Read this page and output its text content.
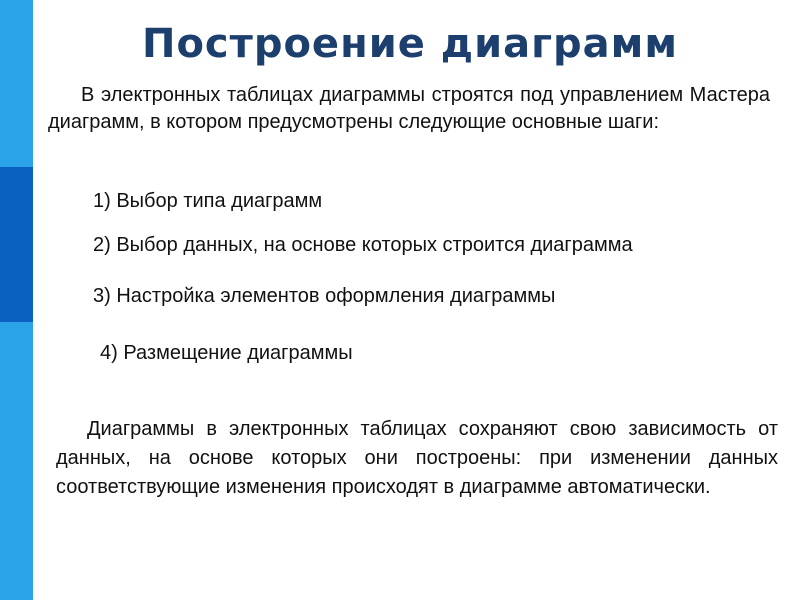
Построение диаграмм

В электронных таблицах диаграммы строятся под управлением Мастера диаграмм, в котором предусмотрены следующие основные шаги:

1) Выбор типа диаграмм

2) Выбор данных, на основе которых строится диаграмма

3) Настройка элементов оформления диаграммы

4) Размещение диаграммы

Диаграммы в электронных таблицах сохраняют свою зависимость от данных, на основе которых они построены: при изменении данных соответствующие изменения происходят в диаграмме автоматически.
